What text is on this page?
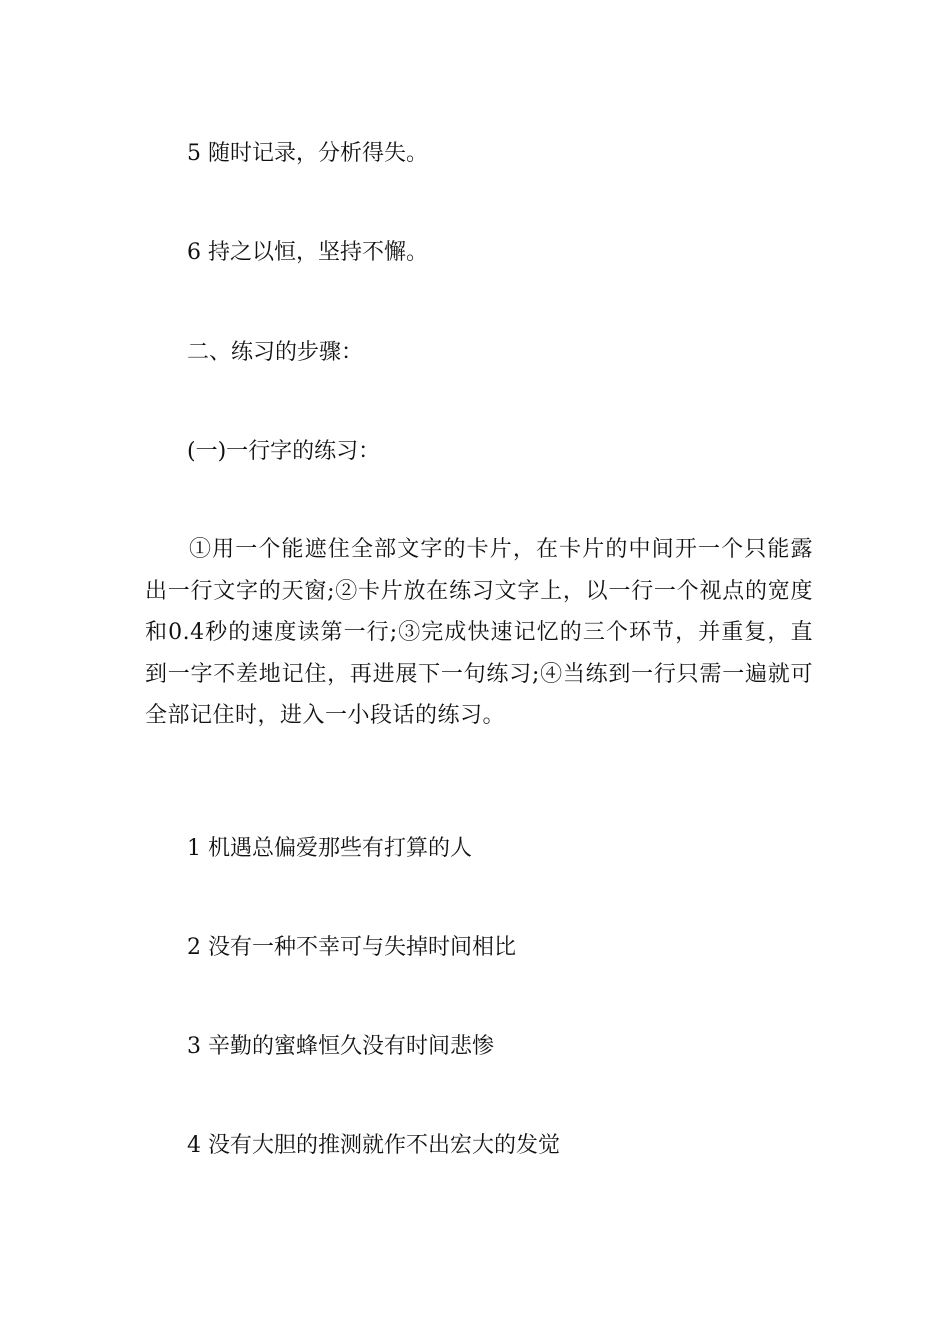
5 随时记录，分析得失。
6 持之以恒，坚持不懈。
二、练习的步骤：
(一)一行字的练习：
①用一个能遮住全部文字的卡片，在卡片的中间开一个只能露出一行文字的天窗;②卡片放在练习文字上，以一行一个视点的宽度和0.4秒的速度读第一行;③完成快速记忆的三个环节，并重复，直到一字不差地记住，再进展下一句练习;④当练到一行只需一遍就可全部记住时，进入一小段话的练习。
1 机遇总偏爱那些有打算的人
2 没有一种不幸可与失掉时间相比
3 辛勤的蜜蜂恒久没有时间悲惨
4 没有大胆的推测就作不出宏大的发觉
